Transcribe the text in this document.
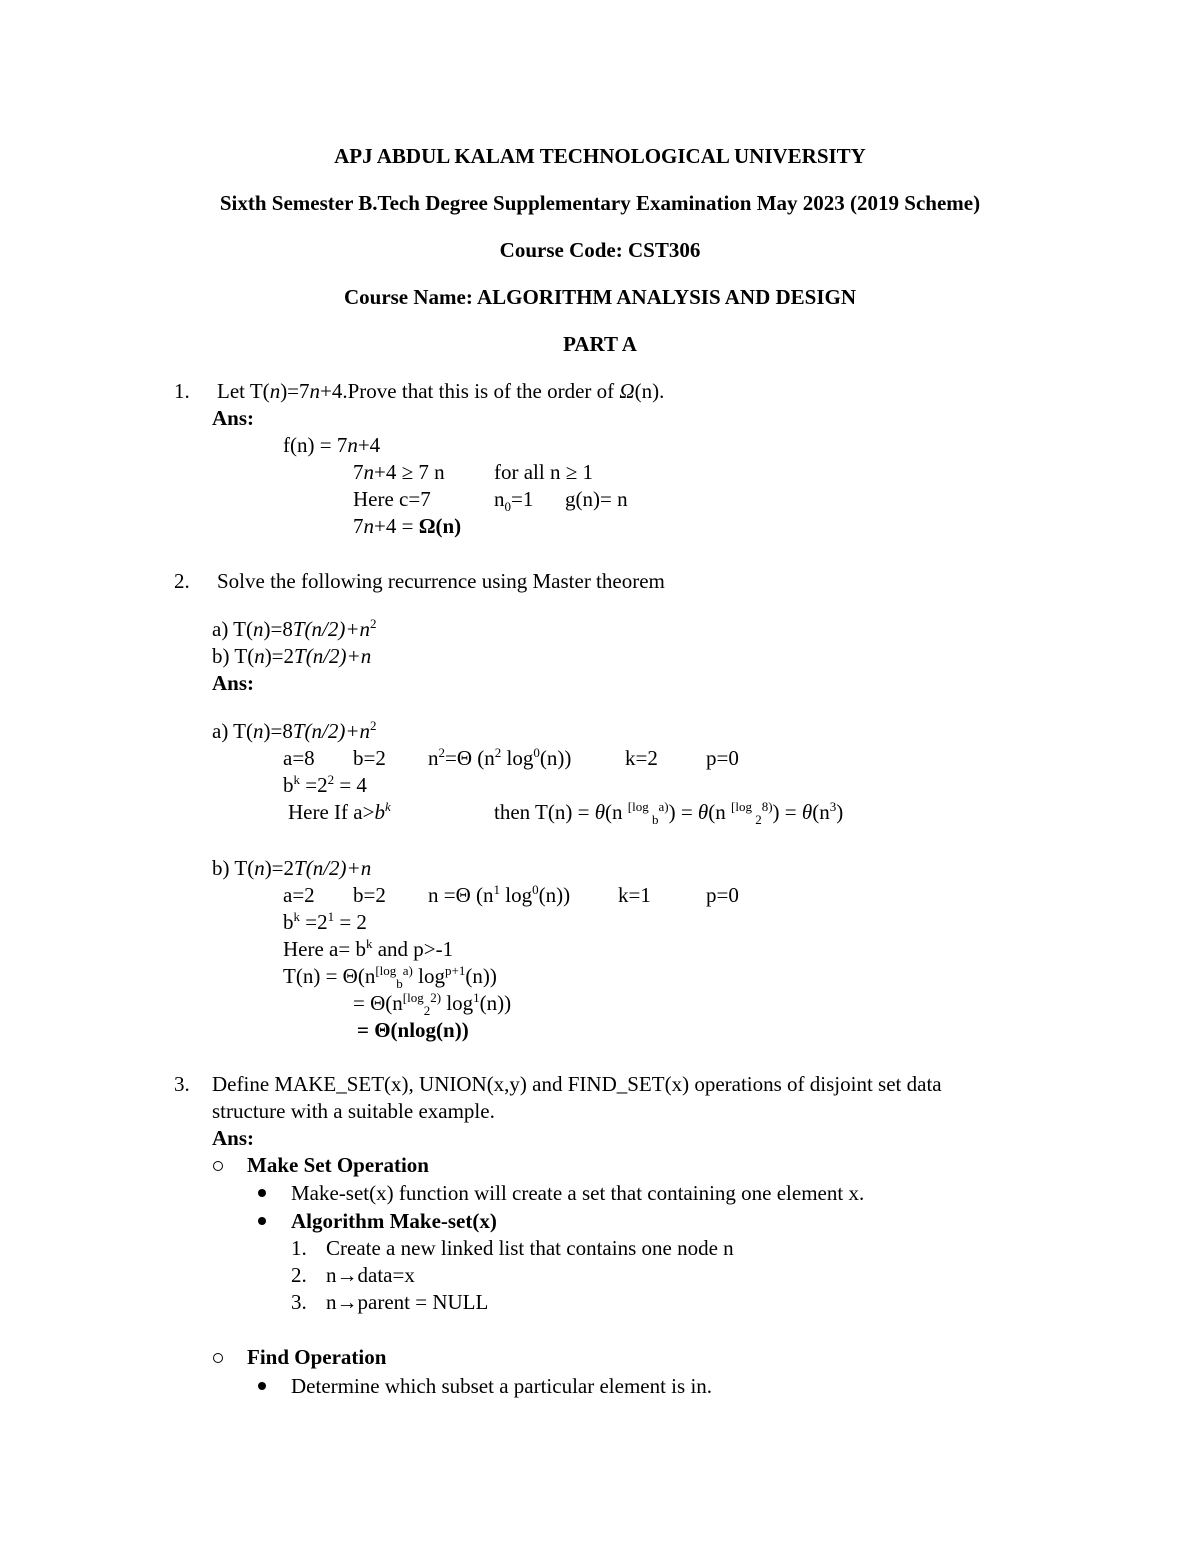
APJ ABDUL KALAM TECHNOLOGICAL UNIVERSITY
Sixth Semester B.Tech Degree Supplementary Examination May 2023 (2019 Scheme)
Course Code: CST306
Course Name: ALGORITHM ANALYSIS AND DESIGN
PART A
1. Let T(n)=7n+4.Prove that this is of the order of Ω(n).
Ans:
f(n) = 7n+4
7n+4 ≥ 7 n for all n ≥ 1
Here c=7	$n_0=1$ g(n)= n
7n+4 = Ω(n)
2. Solve the following recurrence using Master theorem
a) $T(n)=8T(n/2)+n^2$
b) T(n)=2T(n/2)+n
Ans:
a) $T(n)=8T(n/2)+n^2$
a=8 b=2 $n^2=\Theta$ ($n^2$ $\log^0(n)$)	k=2 p=0
$b^k =2^2 = 4$
Here If $a>b^k$	then T(n) = θ(n $^{[log}$ $_b^{a)}$) = θ(n $^{[log}$ $_2^{8)}) = \theta(n^3)$
b) T(n)=2T(n/2)+n
a=2 b=2 n =Θ ($n^1$ $\log^0(n)$) k=1	p=0
$b^k =2^1 = 2$
Here $a= b^k$ and p>-1
$T(n) = \Theta(n^{[log}_b^{a)}$ $\log^{p+1}(n)$)
= $\Theta(n^{[log}_2^{2)}$ $\log^1(n)$)
= Θ(nlog(n))
3. Define MAKE_SET(x), UNION(x,y) and FIND_SET(x) operations of disjoint set data
structure with a suitable example.
Ans:
Make Set Operation
Make-set(x) function will create a set that containing one element x.
Algorithm Make-set(x)
1. Create a new linked list that contains one node n
2. n→data=x
3. n→parent = NULL
Find Operation
Determine which subset a particular element is in.
